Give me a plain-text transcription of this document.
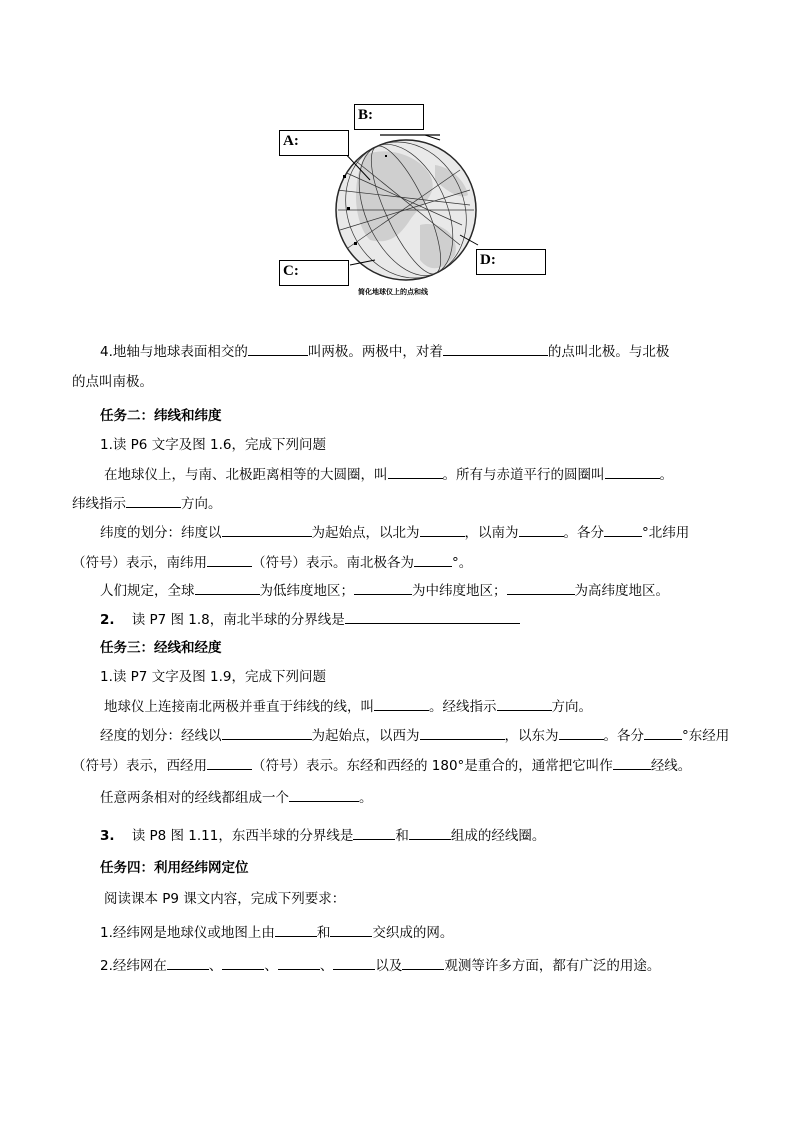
B:
A:
C:
D:
简化地球仪上的点和线
4.地轴与地球表面相交的	叫两极。两极中，对着	的点叫北极。与北极
的点叫南极。
任务二：纬线和纬度
1.读 P6 文字及图 1.6，完成下列问题
在地球仪上，与南、北极距离相等的大圆圈，叫	。所有与赤道平行的圆圈叫	。
纬线指示	方向。
纬度的划分：纬度以	为起始点，以北为	，以南为	。各分	°北纬用
（符号）表示，南纬用	（符号）表示。南北极各为	°。
人们规定，全球	为低纬度地区；	为中纬度地区；	为高纬度地区。
2. 读 P7 图 1.8，南北半球的分界线是
任务三：经线和经度
1.读 P7 文字及图 1.9，完成下列问题
地球仪上连接南北两极并垂直于纬线的线，叫	。经线指示	方向。
经度的划分：经线以	为起始点，以西为	，以东为	。各分	°东经用
（符号）表示，西经用	（符号）表示。东经和西经的 180°是重合的，通常把它叫作	经线。
任意两条相对的经线都组成一个	。
3. 读 P8 图 1.11，东西半球的分界线是	和	组成的经线圈。
任务四：利用经纬网定位
阅读课本 P9 课文内容，完成下列要求：
1.经纬网是地球仪或地图上由	和	交织成的网。
2.经纬网在	、	、	、	以及	观测等许多方面，都有广泛的用途。
